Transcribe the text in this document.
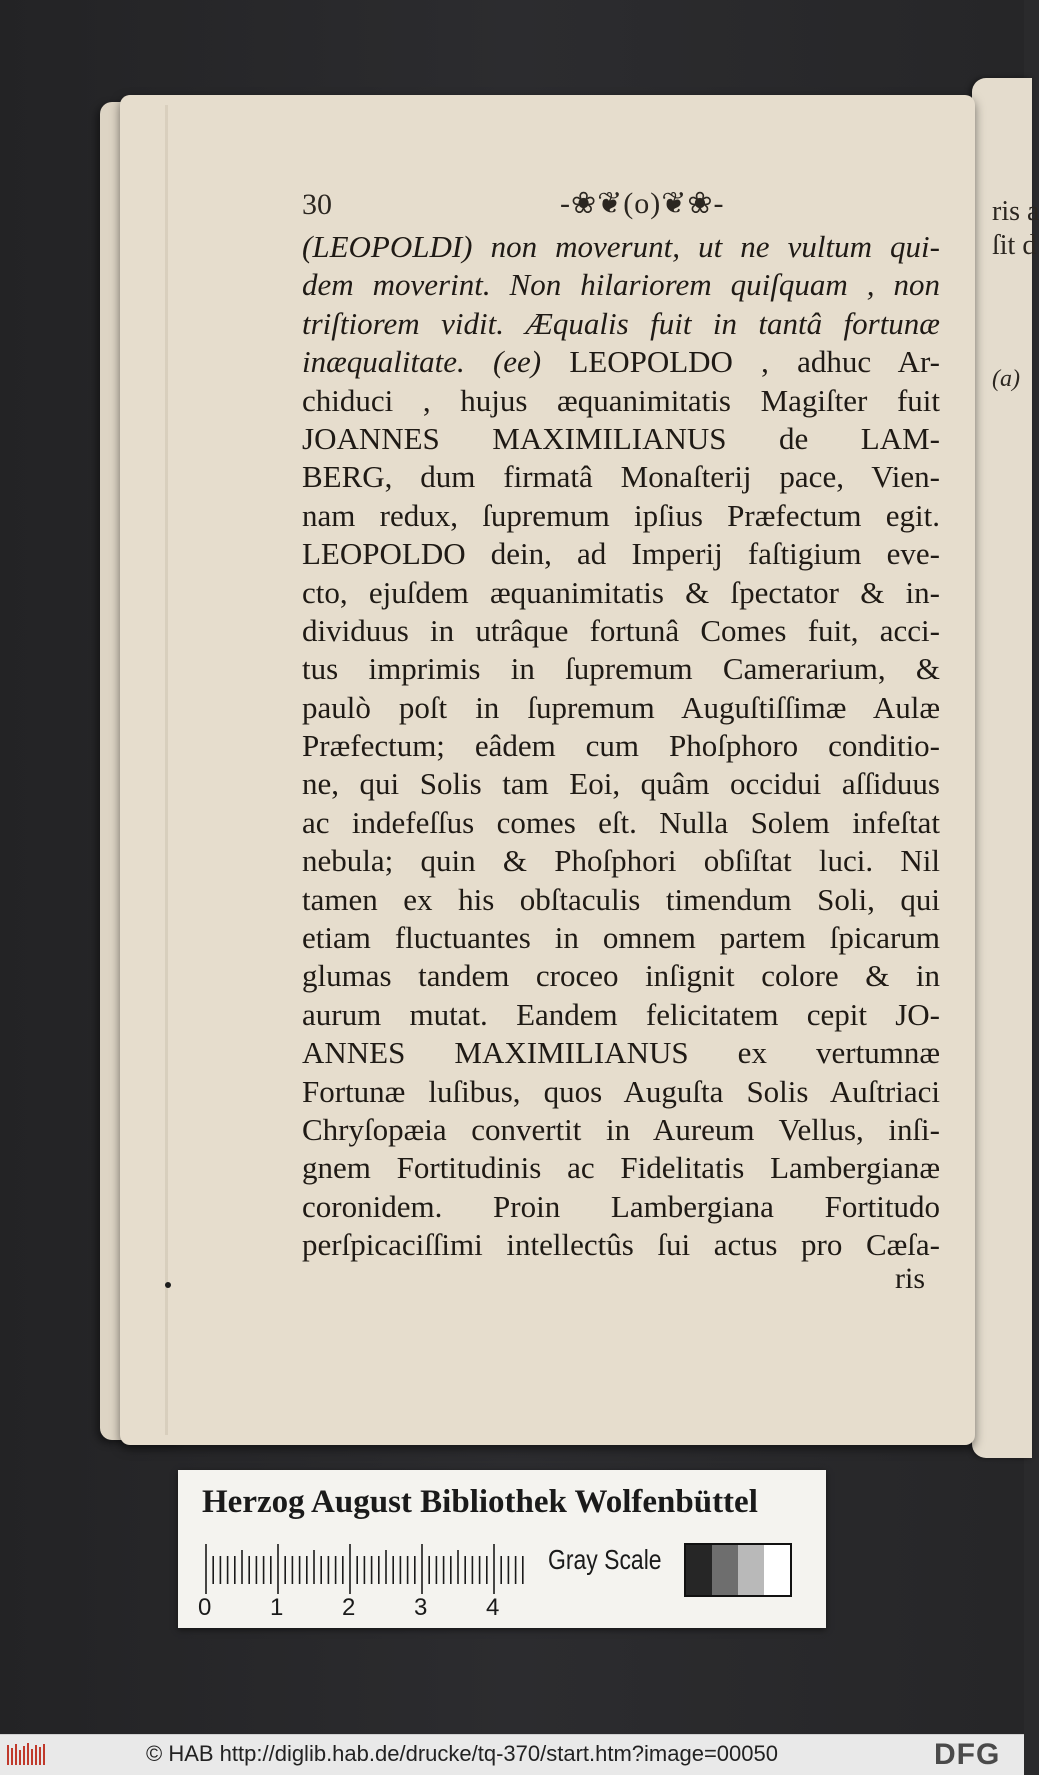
ris a
ſit d
(a)
30	-❀❦(o)❦❀-
(LEOPOLDI) non moverunt, ut ne vultum qui-
dem moverint. Non hilariorem quiſquam , non
triſtiorem vidit. Æqualis fuit in tantâ fortunæ
inæqualitate. (ee) LEOPOLDO , adhuc Ar-
chiduci , hujus æquanimitatis Magiſter fuit
JOANNES MAXIMILIANUS de LAM-
BERG, dum firmatâ Monaſterij pace, Vien-
nam redux, ſupremum ipſius Præfectum egit.
LEOPOLDO dein, ad Imperij faſtigium eve-
cto, ejuſdem æquanimitatis & ſpectator & in-
dividuus in utrâque fortunâ Comes fuit, acci-
tus imprimis in ſupremum Camerarium, &
paulò poſt in ſupremum Auguſtiſſimæ Aulæ
Præfectum; eâdem cum Phoſphoro conditio-
ne, qui Solis tam Eoi, quâm occidui aſſiduus
ac indefeſſus comes eſt. Nulla Solem infeſtat
nebula; quin & Phoſphori obſiſtat luci. Nil
tamen ex his obſtaculis timendum Soli, qui
etiam fluctuantes in omnem partem ſpicarum
glumas tandem croceo inſignit colore & in
aurum mutat. Eandem felicitatem cepit JO-
ANNES MAXIMILIANUS ex vertumnæ
Fortunæ luſibus, quos Auguſta Solis Auſtriaci
Chryſopæia convertit in Aureum Vellus, inſi-
gnem Fortitudinis ac Fidelitatis Lambergianæ
coronidem. Proin Lambergiana Fortitudo
perſpicaciſſimi intellectûs ſui actus pro Cæſa-
ris
Herzog August Bibliothek Wolfenbüttel
0 1 2 3 4
Gray Scale
© HAB http://diglib.hab.de/drucke/tq-370/start.htm?image=00050	DFG
